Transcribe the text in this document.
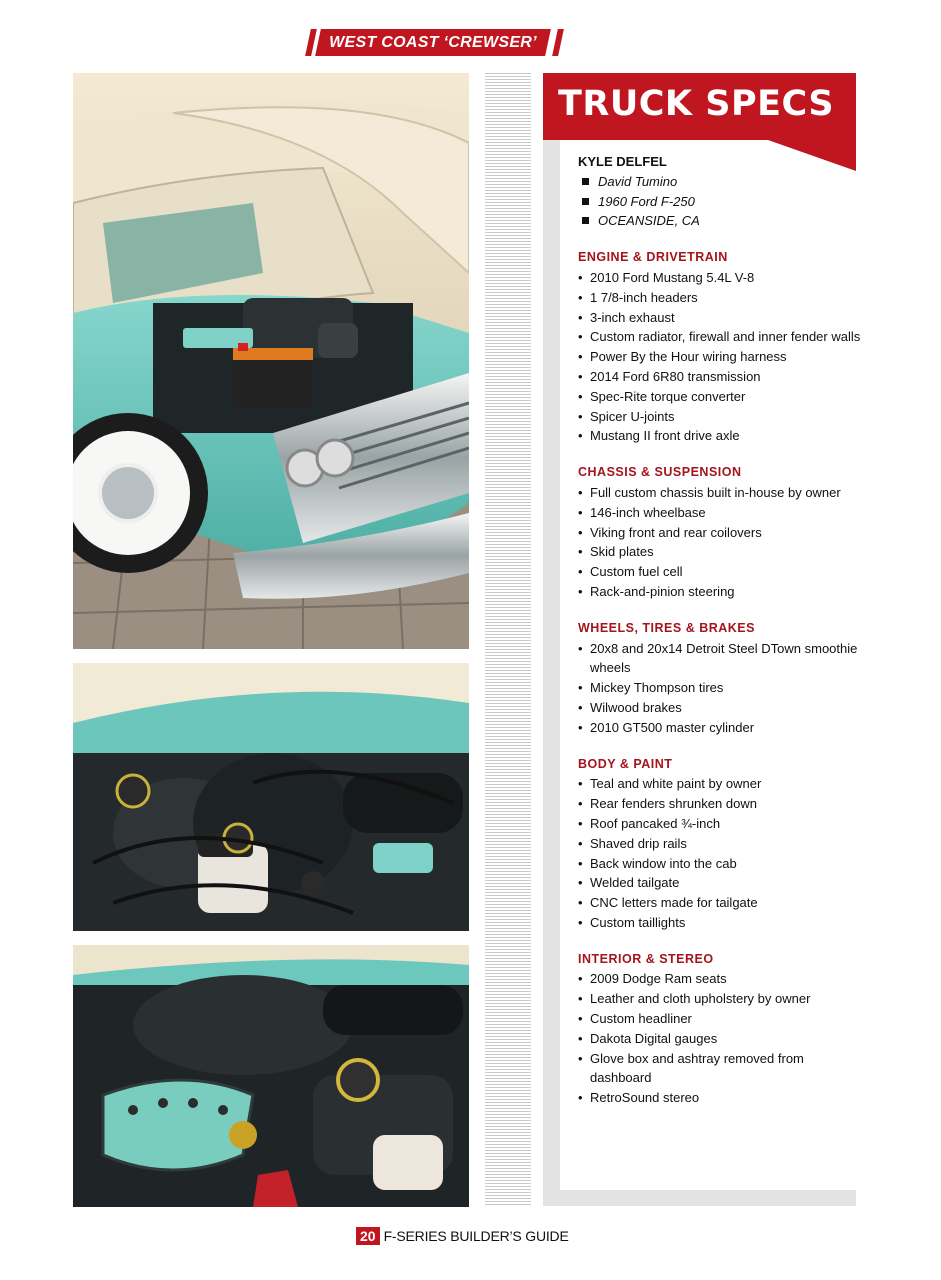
WEST COAST ‘CREWSER’
TRUCK SPECS
KYLE DELFEL
David Tumino
1960 Ford F-250
OCEANSIDE, CA
ENGINE & DRIVETRAIN
• 2010 Ford Mustang 5.4L V-8
• 1 7/8-inch headers
• 3-inch exhaust
• Custom radiator, firewall and inner fender walls
• Power By the Hour wiring harness
• 2014 Ford 6R80 transmission
• Spec-Rite torque converter
• Spicer U-joints
• Mustang II front drive axle
CHASSIS & SUSPENSION
• Full custom chassis built in-house by owner
• 146-inch wheelbase
• Viking front and rear coilovers
• Skid plates
• Custom fuel cell
• Rack-and-pinion steering
WHEELS, TIRES & BRAKES
• 20x8 and 20x14 Detroit Steel DTown smoothie wheels
• Mickey Thompson tires
• Wilwood brakes
• 2010 GT500 master cylinder
BODY & PAINT
• Teal and white paint by owner
• Rear fenders shrunken down
• Roof pancaked ¾-inch
• Shaved drip rails
• Back window into the cab
• Welded tailgate
• CNC letters made for tailgate
• Custom taillights
INTERIOR & STEREO
• 2009 Dodge Ram seats
• Leather and cloth upholstery by owner
• Custom headliner
• Dakota Digital gauges
• Glove box and ashtray removed from dashboard
• RetroSound stereo
20 F-SERIES BUILDER’S GUIDE
